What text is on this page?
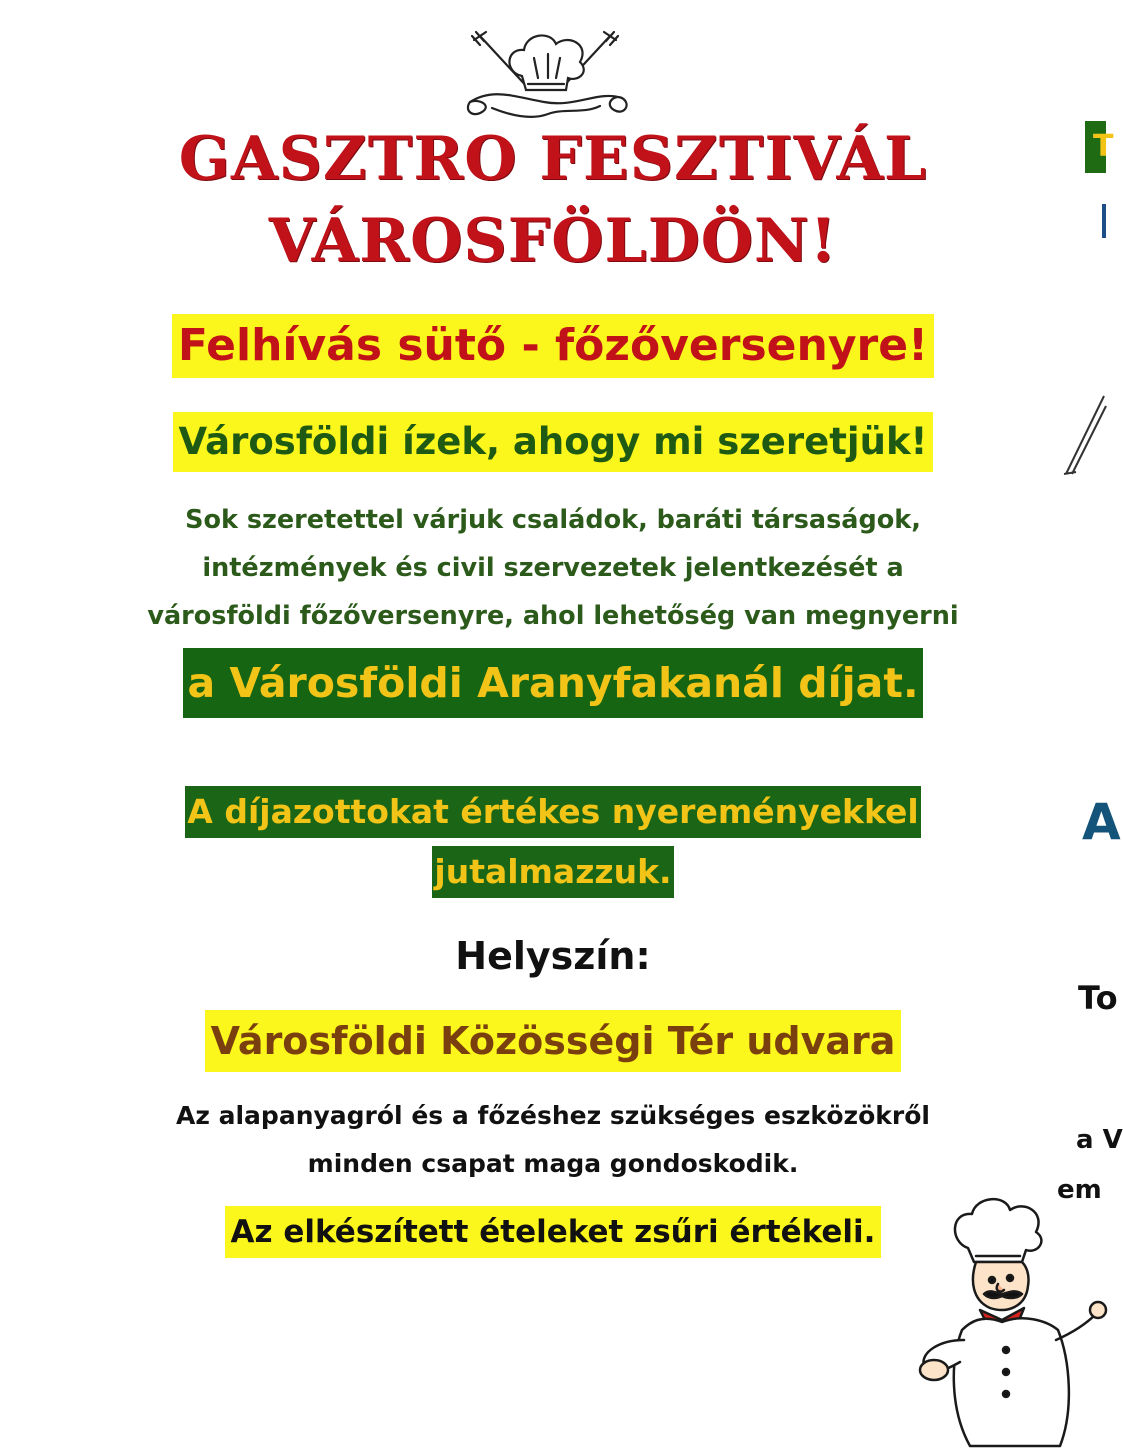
GASZTRO FESZTIVÁL
VÁROSFÖLDÖN!
Felhívás sütő - főzőversenyre!
Városföldi ízek, ahogy mi szeretjük!
Sok szeretettel várjuk családok, baráti társaságok,
intézmények és civil szervezetek jelentkezését a
városföldi főzőversenyre, ahol lehetőség van megnyerni
a Városföldi Aranyfakanál díjat.
A díjazottokat értékes nyereményekkel
jutalmazzuk.
Helyszín:
Városföldi Közösségi Tér udvara
Az alapanyagról és a főzéshez szükséges eszközökről
minden csapat maga gondoskodik.
Az elkészített ételeket zsűri értékeli.
T
A
To
a V
em
